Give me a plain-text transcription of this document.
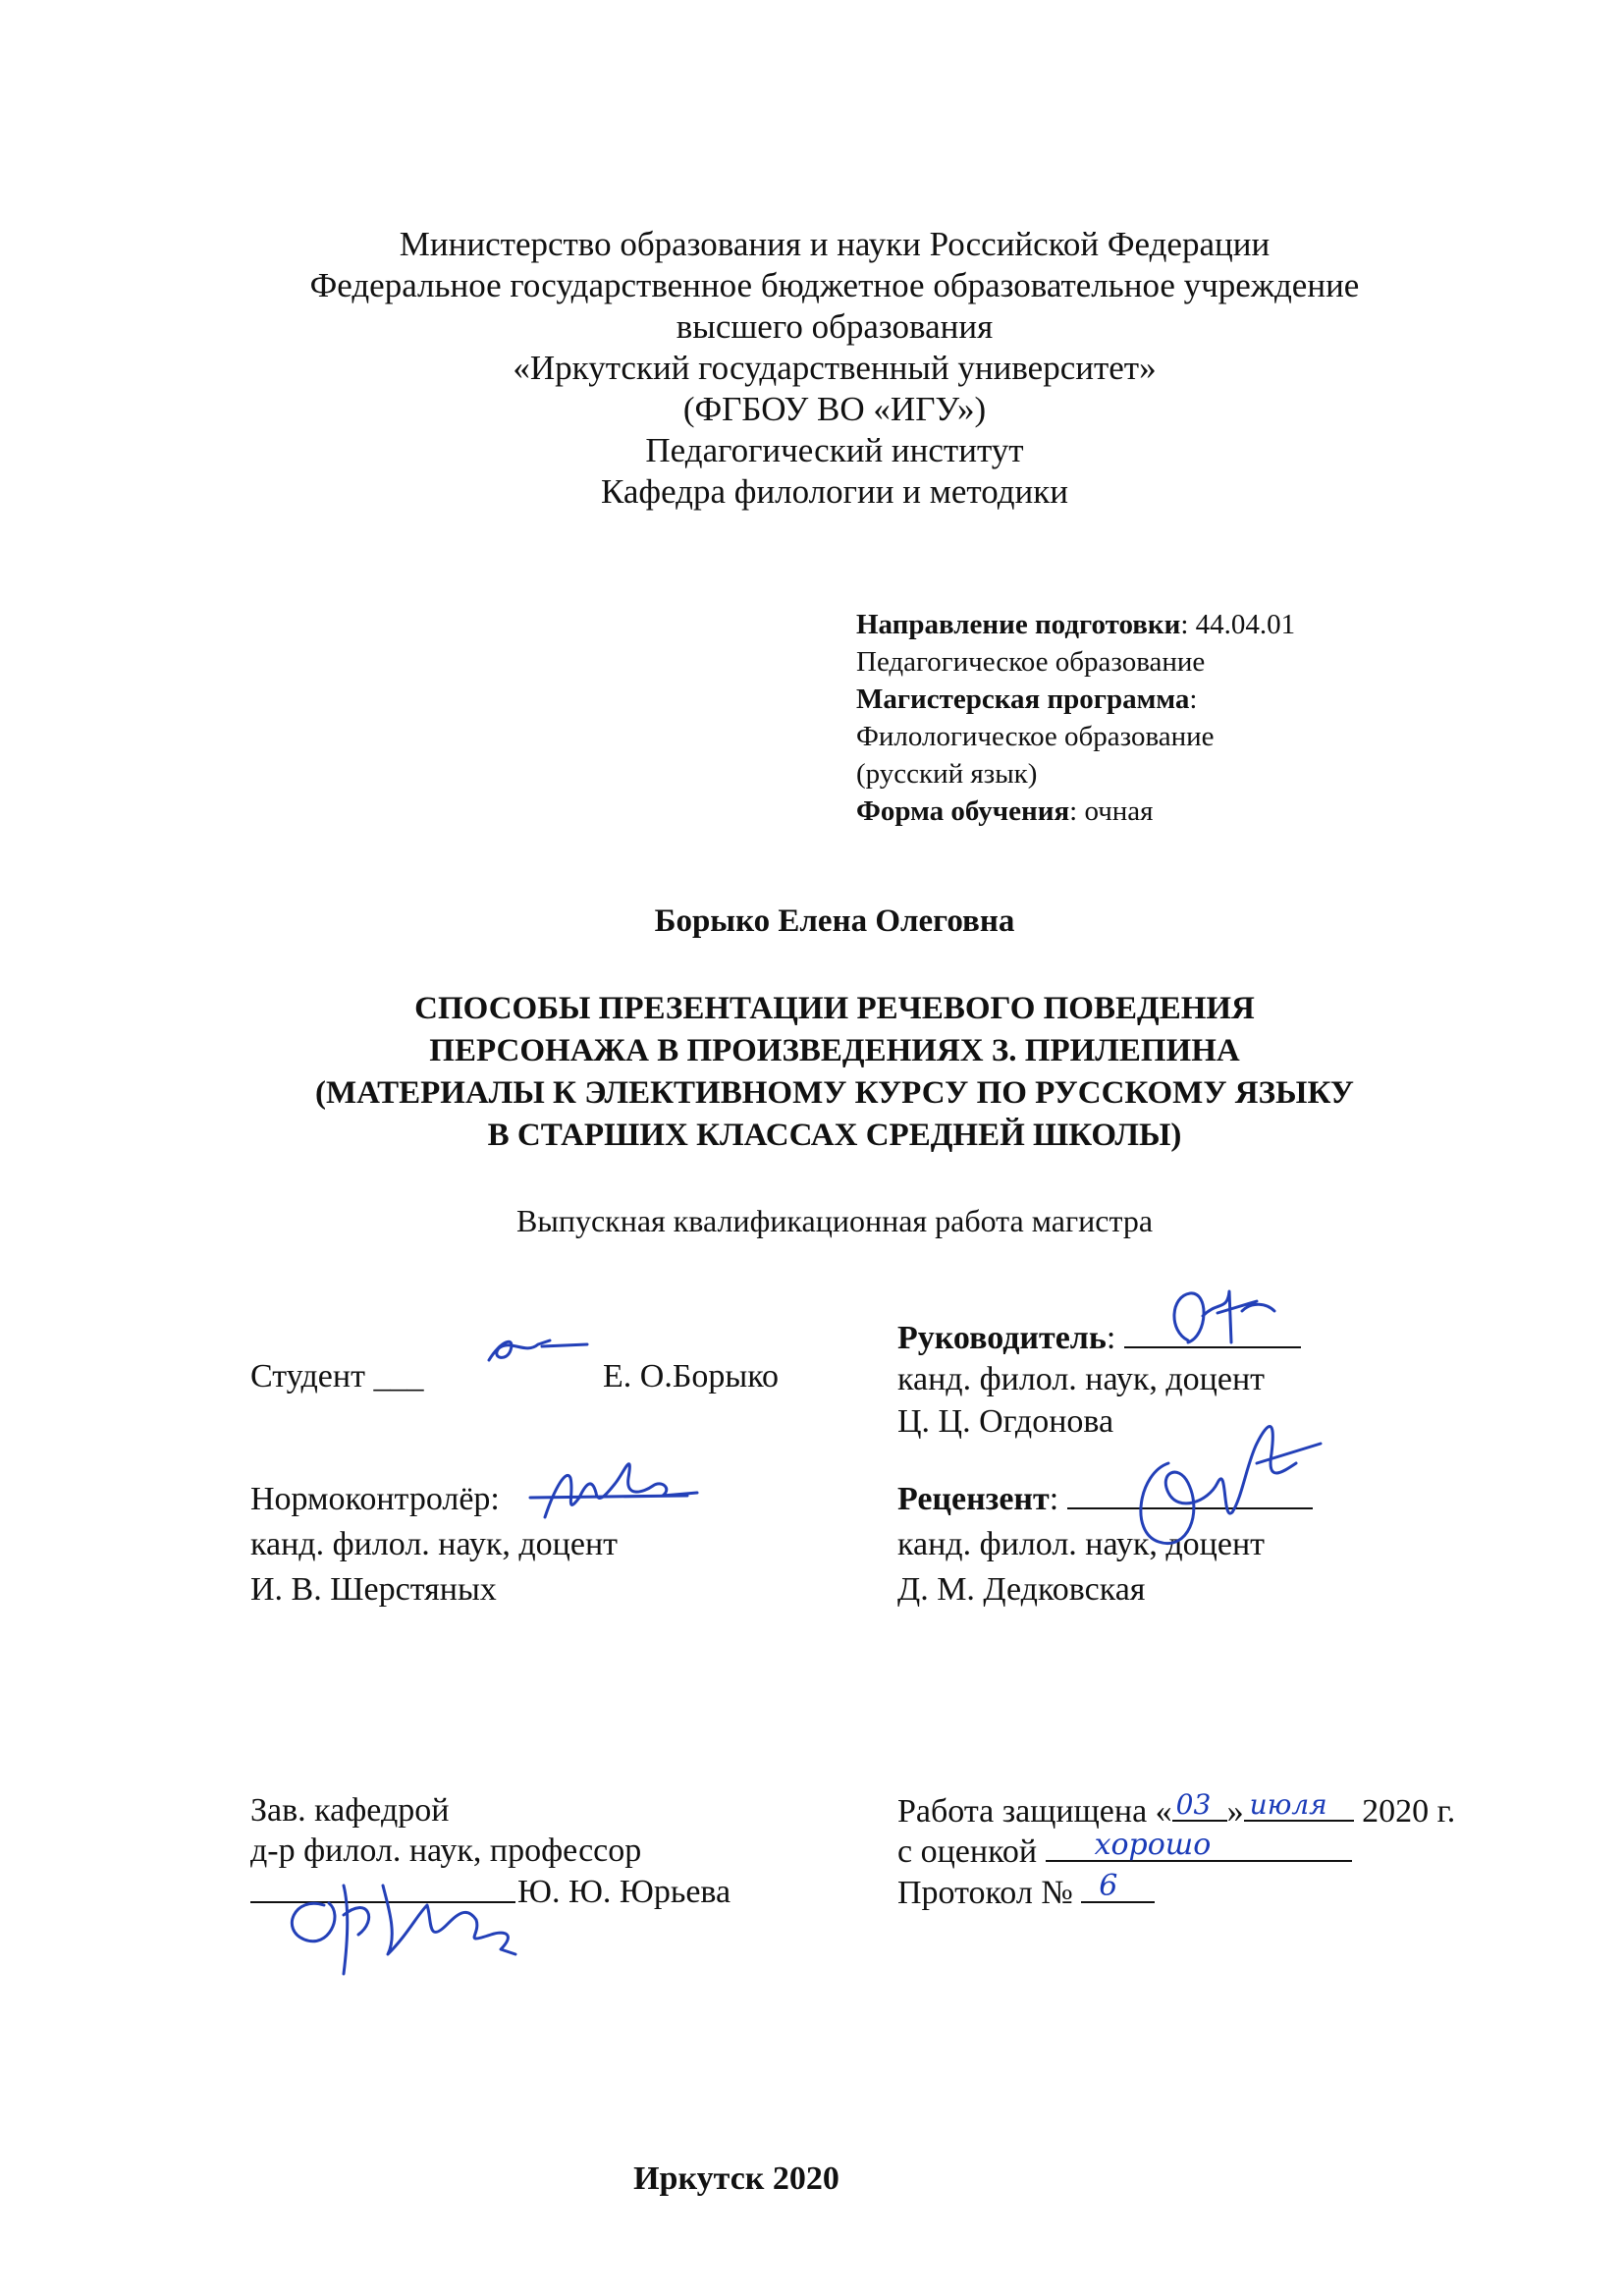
Министерство образования и науки Российской Федерации
Федеральное государственное бюджетное образовательное учреждение
высшего образования
«Иркутский государственный университет»
(ФГБОУ ВО «ИГУ»)
Педагогический институт
Кафедра филологии и методики
Направление подготовки: 44.04.01
Педагогическое образование
Магистерская программа:
Филологическое образование
(русский язык)
Форма обучения: очная
Борыко Елена Олеговна
СПОСОБЫ ПРЕЗЕНТАЦИИ РЕЧЕВОГО ПОВЕДЕНИЯ
ПЕРСОНАЖА В ПРОИЗВЕДЕНИЯХ З. ПРИЛЕПИНА
(МАТЕРИАЛЫ К ЭЛЕКТИВНОМУ КУРСУ ПО РУССКОМУ ЯЗЫКУ
В СТАРШИХ КЛАССАХ СРЕДНЕЙ ШКОЛЫ)
Выпускная квалификационная работа магистра
Студент ___	Е. О.Борыко
Руководитель:
канд. филол. наук, доцент
Ц. Ц. Огдонова
Нормоконтролёр:
канд. филол. наук, доцент
И. В. Шерстяных
Рецензент:
канд. филол. наук, доцент
Д. М. Дедковская
Зав. кафедрой
д-р филол. наук, профессор
Ю. Ю. Юрьева
Работа защищена « 03 » июля 2020 г.
с оценкой хорошо
Протокол № 6
Иркутск 2020
